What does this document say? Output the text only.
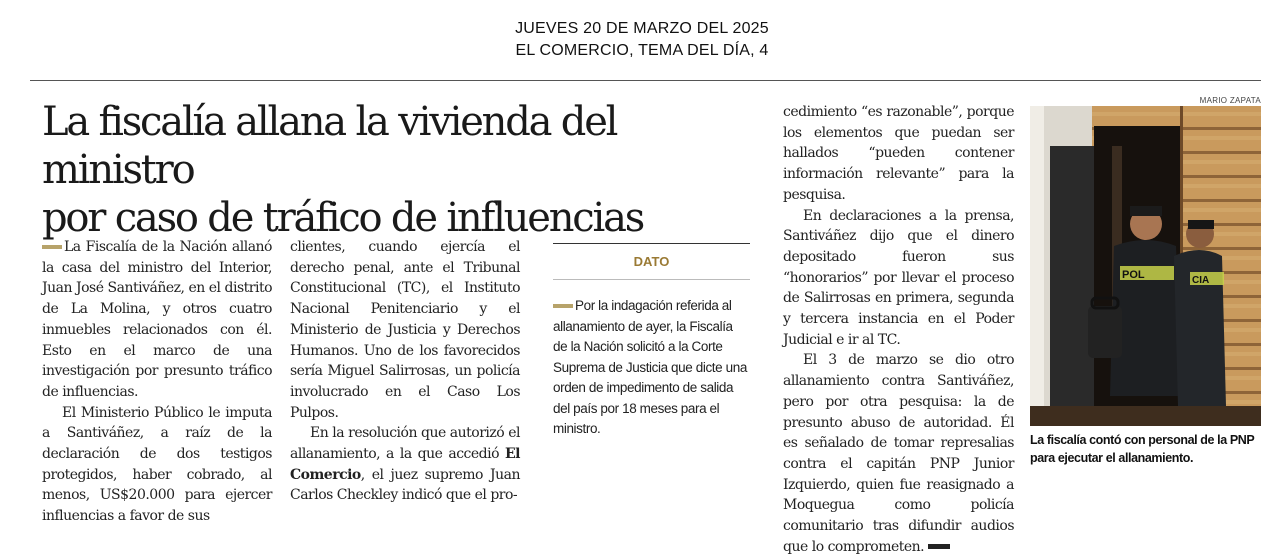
JUEVES 20 DE MARZO DEL 2025
EL COMERCIO, TEMA DEL DÍA, 4
La fiscalía allana la vivienda del ministro
por caso de tráfico de influencias

La Fiscalía de la Nación allanó la casa del ministro del Interior, Juan José Santiváñez, en el distrito de La Molina, y otros cuatro inmuebles relacionados con él. Esto en el marco de una investigación por presunto tráfico de influencias.

El Ministerio Público le imputa a Santiváñez, a raíz de la declaración de dos testigos protegidos, haber cobrado, al menos, US$20.000 para ejercer influencias a favor de sus

clientes, cuando ejercía el derecho penal, ante el Tribunal Constitucional (TC), el Instituto Nacional Penitenciario y el Ministerio de Justicia y Derechos Humanos. Uno de los favorecidos sería Miguel Salirrosas, un policía involucrado en el Caso Los Pulpos.

En la resolución que autorizó el allanamiento, a la que accedió El Comercio, el juez supremo Juan Carlos Checkley indicó que el pro-

DATO
Por la indagación referida al allanamiento de ayer, la Fiscalía de la Nación solicitó a la Corte Suprema de Justicia que dicte una orden de impedimento de salida del país por 18 meses para el ministro.

cedimiento “es razonable”, porque los elementos que puedan ser hallados “pueden contener información relevante” para la pesquisa.

En declaraciones a la prensa, Santiváñez dijo que el dinero depositado fueron sus “honorarios” por llevar el proceso de Salirrosas en primera, segunda y tercera instancia en el Poder Judicial e ir al TC.

El 3 de marzo se dio otro allanamiento contra Santiváñez, pero por otra pesquisa: la de presunto abuso de autoridad. Él es señalado de tomar represalias contra el capitán PNP Junior Izquierdo, quien fue reasignado a Moquegua como policía comunitario tras difundir audios que lo comprometen.

MARIO ZAPATA
POL	CIA
La fiscalía contó con personal de la PNP para ejecutar el allanamiento.
